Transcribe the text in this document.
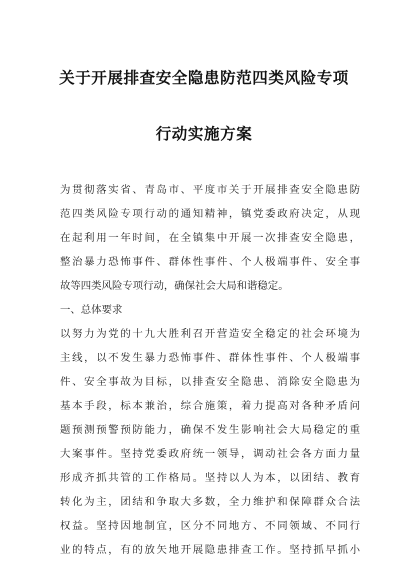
关于开展排查安全隐患防范四类风险专项
行动实施方案
为贯彻落实省、青岛市、平度市关于开展排查安全隐患防
范四类风险专项行动的通知精神，镇党委政府决定，从现
在起利用一年时间，在全镇集中开展一次排查安全隐患，
整治暴力恐怖事件、群体性事件、个人极端事件、安全事
故等四类风险专项行动，确保社会大局和谐稳定。
一、总体要求
以努力为党的十九大胜利召开营造安全稳定的社会环境为
主线，以不发生暴力恐怖事件、群体性事件、个人极端事
件、安全事故为目标，以排查安全隐患、消除安全隐患为
基本手段，标本兼治，综合施策，着力提高对各种矛盾问
题预测预警预防能力，确保不发生影响社会大局稳定的重
大案事件。坚持党委政府统一领导，调动社会各方面力量
形成齐抓共管的工作格局。坚持以人为本，以团结、教育
转化为主，团结和争取大多数，全力维护和保障群众合法
权益。坚持因地制宜，区分不同地方、不同领域、不同行
业的特点，有的放矢地开展隐患排查工作。坚持抓早抓小
